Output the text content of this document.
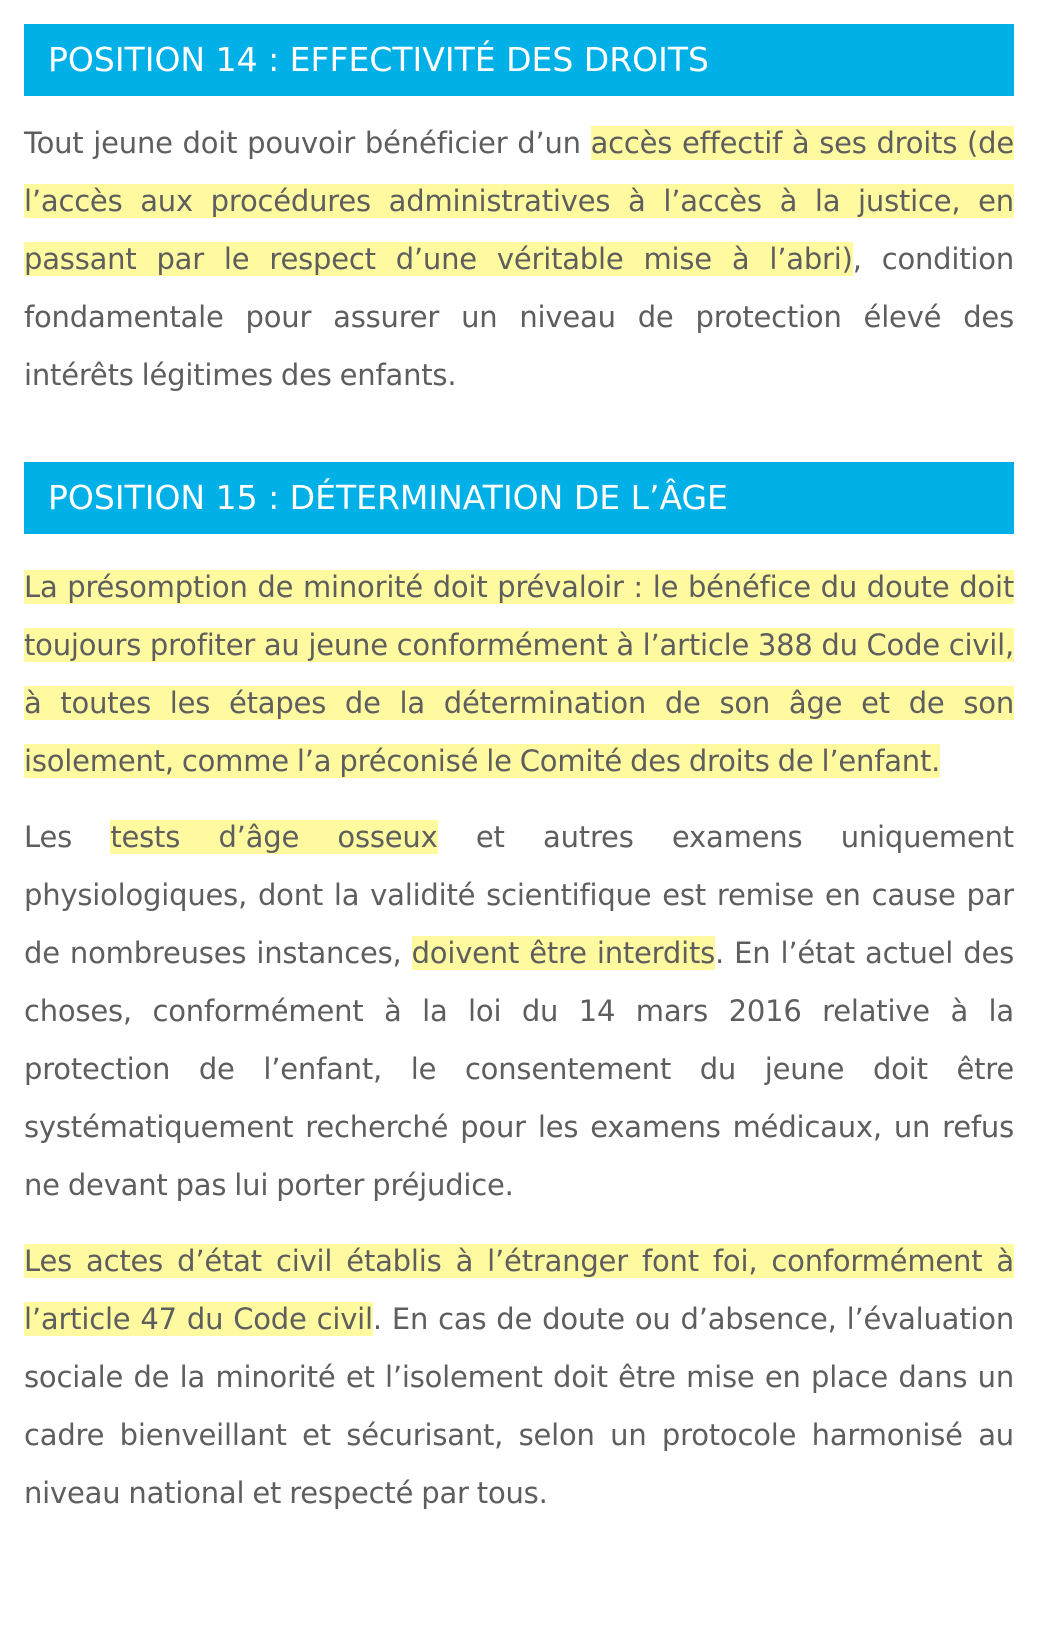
POSITION 14 : EFFECTIVITÉ DES DROITS

Tout jeune doit pouvoir bénéficier d’un accès effectif à ses droits (de l’accès aux procédures administratives à l’accès à la justice, en passant par le respect d’une véritable mise à l’abri), condition fondamentale pour assurer un niveau de protection élevé des intérêts légitimes des enfants.

POSITION 15 : DÉTERMINATION DE L’ÂGE

La présomption de minorité doit prévaloir : le bénéfice du doute doit toujours profiter au jeune conformément à l’article 388 du Code civil, à toutes les étapes de la détermination de son âge et de son isolement, comme l’a préconisé le Comité des droits de l’enfant.

Les tests d’âge osseux et autres examens uniquement physiologiques, dont la validité scientifique est remise en cause par de nombreuses instances, doivent être interdits. En l’état actuel des choses, conformément à la loi du 14 mars 2016 relative à la protection de l’enfant, le consentement du jeune doit être systématiquement recherché pour les examens médicaux, un refus ne devant pas lui porter préjudice.

Les actes d’état civil établis à l’étranger font foi, conformément à l’article 47 du Code civil. En cas de doute ou d’absence, l’évaluation sociale de la minorité et l’isolement doit être mise en place dans un cadre bienveillant et sécurisant, selon un protocole harmonisé au niveau national et respecté par tous.
